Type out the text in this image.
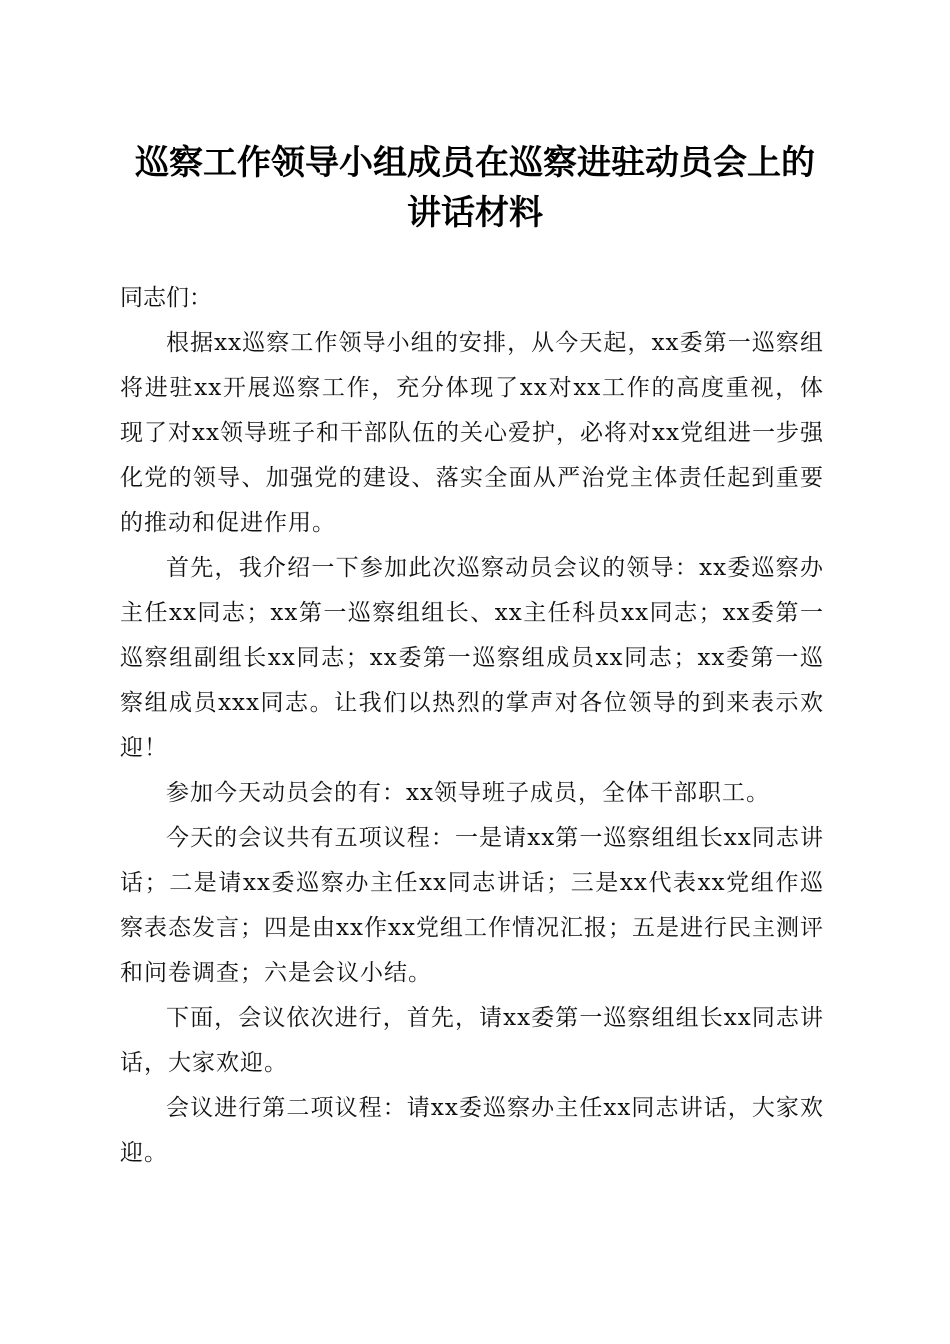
巡察工作领导小组成员在巡察进驻动员会上的
讲话材料

同志们：

根据xx巡察工作领导小组的安排，从今天起，xx委第一巡察组将进驻xx开展巡察工作，充分体现了xx对xx工作的高度重视，体现了对xx领导班子和干部队伍的关心爱护，必将对xx党组进一步强化党的领导、加强党的建设、落实全面从严治党主体责任起到重要的推动和促进作用。

首先，我介绍一下参加此次巡察动员会议的领导：xx委巡察办主任xx同志；xx第一巡察组组长、xx主任科员xx同志；xx委第一巡察组副组长xx同志；xx委第一巡察组成员xx同志；xx委第一巡察组成员xxx同志。让我们以热烈的掌声对各位领导的到来表示欢迎！

参加今天动员会的有：xx领导班子成员，全体干部职工。

今天的会议共有五项议程：一是请xx第一巡察组组长xx同志讲话；二是请xx委巡察办主任xx同志讲话；三是xx代表xx党组作巡察表态发言；四是由xx作xx党组工作情况汇报；五是进行民主测评和问卷调查；六是会议小结。

下面，会议依次进行，首先，请xx委第一巡察组组长xx同志讲话，大家欢迎。

会议进行第二项议程：请xx委巡察办主任xx同志讲话，大家欢迎。
